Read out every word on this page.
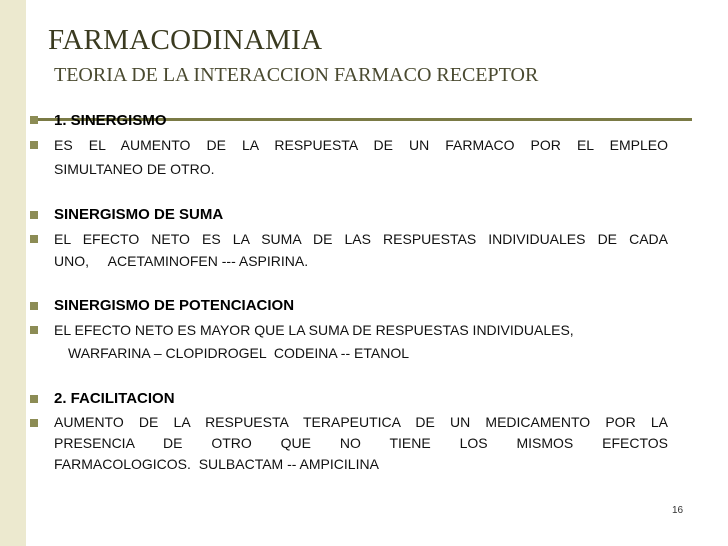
FARMACODINAMIA
TEORIA DE LA INTERACCION FARMACO RECEPTOR
1. SINERGISMO
ES EL AUMENTO DE LA RESPUESTA DE UN FARMACO POR EL EMPLEO
SIMULTANEO DE OTRO.
SINERGISMO DE SUMA
EL EFECTO NETO ES LA SUMA DE LAS RESPUESTAS INDIVIDUALES DE CADA
UNO,     ACETAMINOFEN --- ASPIRINA.
SINERGISMO DE POTENCIACION
EL EFECTO NETO ES MAYOR QUE LA SUMA DE RESPUESTAS INDIVIDUALES,
WARFARINA – CLOPIDROGEL  CODEINA -- ETANOL
2. FACILITACION
AUMENTO DE LA RESPUESTA TERAPEUTICA DE UN MEDICAMENTO POR LA
PRESENCIA DE OTRO QUE NO TIENE LOS MISMOS EFECTOS
FARMACOLOGICOS.  SULBACTAM -- AMPICILINA
16
